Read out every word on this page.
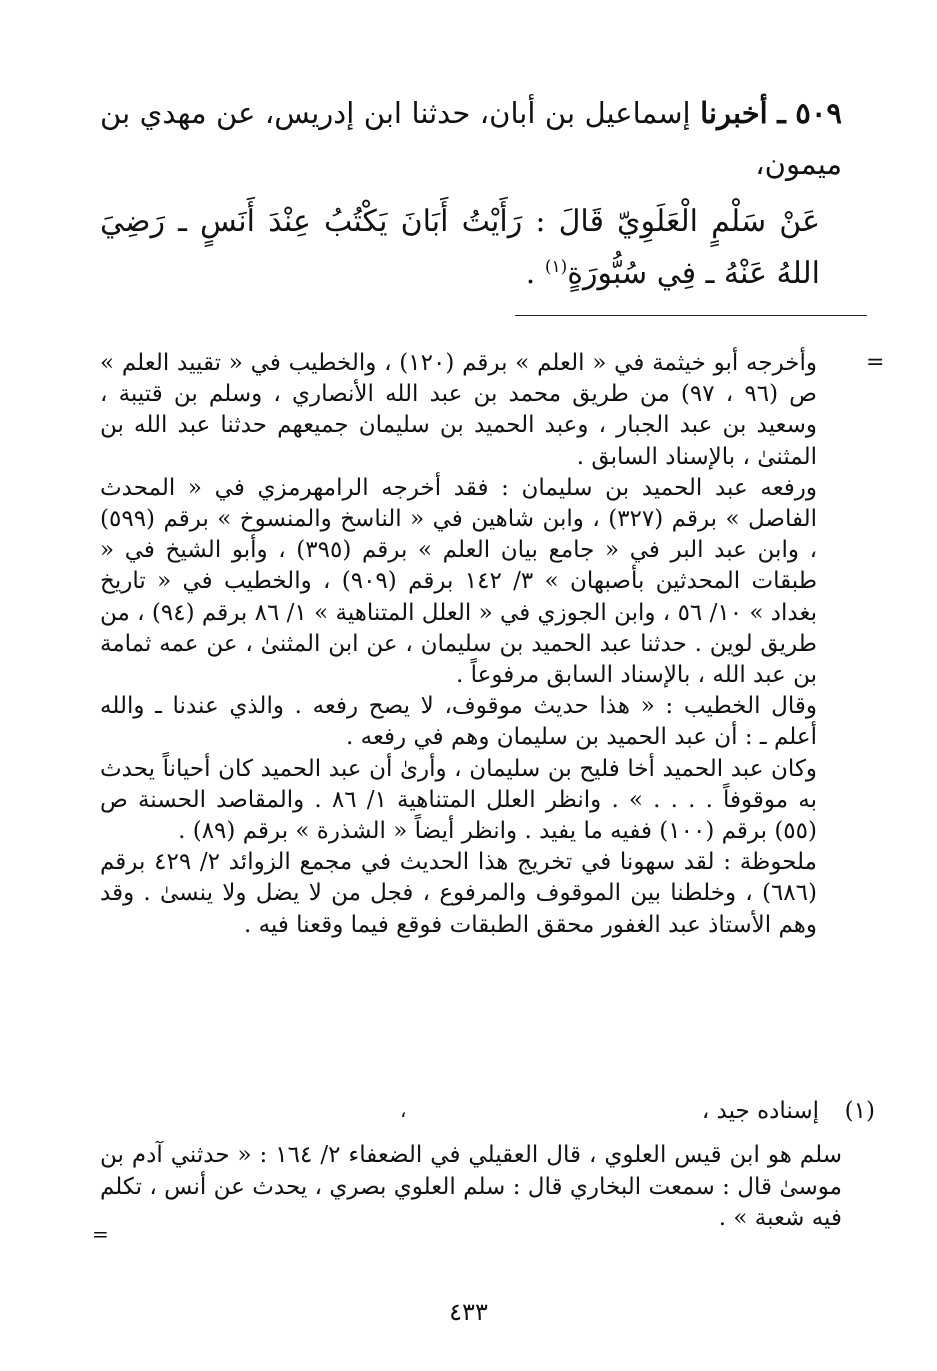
٥٠٩ ـ أخبرنا إسماعيل بن أبان، حدثنا ابن إدريس، عن مهدي بن ميمون،

عَنْ سَلْمٍ الْعَلَوِيّ قَالَ : رَأَيْتُ أَبَانَ يَكْتُبُ عِنْدَ أَنَسٍ ـ رَضِيَ اللهُ عَنْهُ ـ فِي سُبُّورَةٍ$^{(١)}$ .

=

وأخرجه أبو خيثمة في « العلم » برقم (١٢٠) ، والخطيب في « تقييد العلم » ص (٩٦ ، ٩٧) من طريق محمد بن عبد الله الأنصاري ، وسلم بن قتيبة ، وسعيد بن عبد الجبار ، وعبد الحميد بن سليمان جميعهم حدثنا عبد الله بن المثنىٰ ، بالإسناد السابق .

ورفعه عبد الحميد بن سليمان : فقد أخرجه الرامهرمزي في « المحدث الفاصل » برقم (٣٢٧) ، وابن شاهين في « الناسخ والمنسوخ » برقم (٥٩٩) ، وابن عبد البر في « جامع بيان العلم » برقم (٣٩٥) ، وأبو الشيخ في « طبقات المحدثين بأصبهان » ٣/ ١٤٢ برقم (٩٠٩) ، والخطيب في « تاريخ بغداد » ١٠/ ٥٦ ، وابن الجوزي في « العلل المتناهية » ١/ ٨٦ برقم (٩٤) ، من طريق لوين . حدثنا عبد الحميد بن سليمان ، عن ابن المثنىٰ ، عن عمه ثمامة بن عبد الله ، بالإسناد السابق مرفوعاً .

وقال الخطيب : « هذا حديث موقوف، لا يصح رفعه . والذي عندنا ـ والله أعلم ـ : أن عبد الحميد بن سليمان وهم في رفعه .

وكان عبد الحميد أخا فليح بن سليمان ، وأرىٰ أن عبد الحميد كان أحياناً يحدث به موقوفاً . . . . » . وانظر العلل المتناهية ١/ ٨٦ . والمقاصد الحسنة ص (٥٥) برقم (١٠٠) ففيه ما يفيد . وانظر أيضاً « الشذرة » برقم (٨٩) .

ملحوظة : لقد سهونا في تخريج هذا الحديث في مجمع الزوائد ٢/ ٤٢٩ برقم (٦٨٦) ، وخلطنا بين الموقوف والمرفوع ، فجل من لا يضل ولا ينسىٰ . وقد وهم الأستاذ عبد الغفور محقق الطبقات فوقع فيما وقعنا فيه .

(١)
إسناده جيد ،
،

سلم هو ابن قيس العلوي ، قال العقيلي في الضعفاء ٢/ ١٦٤ : « حدثني آدم بن موسىٰ قال : سمعت البخاري قال : سلم العلوي بصري ، يحدث عن أنس ، تكلم فيه شعبة » .

=
٤٣٣
